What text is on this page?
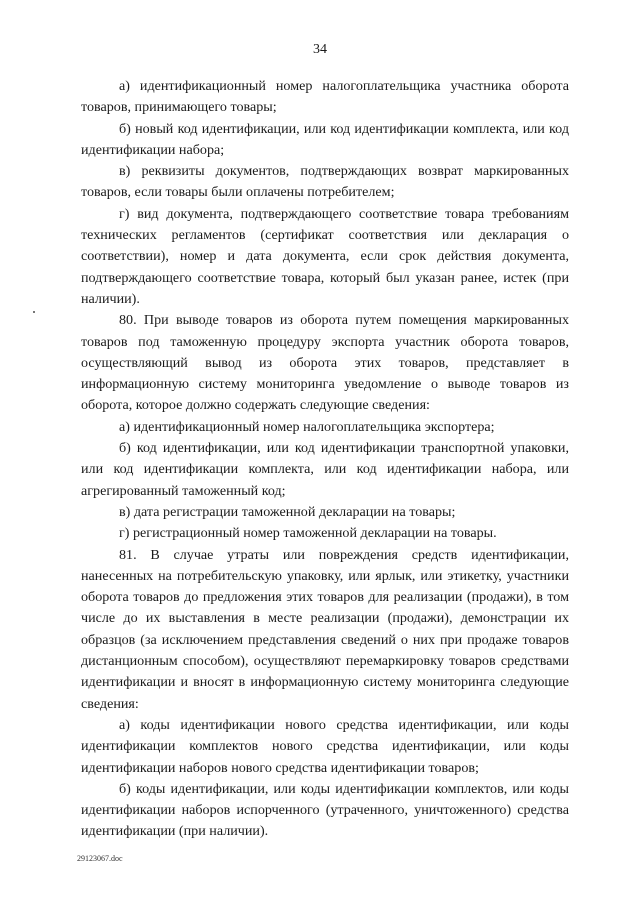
34

а) идентификационный номер налогоплательщика участника оборота товаров, принимающего товары;

б) новый код идентификации, или код идентификации комплекта, или код идентификации набора;

в) реквизиты документов, подтверждающих возврат маркированных товаров, если товары были оплачены потребителем;

г) вид документа, подтверждающего соответствие товара требованиям технических регламентов (сертификат соответствия или декларация о соответствии), номер и дата документа, если срок действия документа, подтверждающего соответствие товара, который был указан ранее, истек (при наличии).

80. При выводе товаров из оборота путем помещения маркированных товаров под таможенную процедуру экспорта участник оборота товаров, осуществляющий вывод из оборота этих товаров, представляет в информационную систему мониторинга уведомление о выводе товаров из оборота, которое должно содержать следующие сведения:

а) идентификационный номер налогоплательщика экспортера;

б) код идентификации, или код идентификации транспортной упаковки, или код идентификации комплекта, или код идентификации набора, или агрегированный таможенный код;

в) дата регистрации таможенной декларации на товары;

г) регистрационный номер таможенной декларации на товары.

81. В случае утраты или повреждения средств идентификации, нанесенных на потребительскую упаковку, или ярлык, или этикетку, участники оборота товаров до предложения этих товаров для реализации (продажи), в том числе до их выставления в месте реализации (продажи), демонстрации их образцов (за исключением представления сведений о них при продаже товаров дистанционным способом), осуществляют перемаркировку товаров средствами идентификации и вносят в информационную систему мониторинга следующие сведения:

а) коды идентификации нового средства идентификации, или коды идентификации комплектов нового средства идентификации, или коды идентификации наборов нового средства идентификации товаров;

б) коды идентификации, или коды идентификации комплектов, или коды идентификации наборов испорченного (утраченного, уничтоженного) средства идентификации (при наличии).

29123067.doc
